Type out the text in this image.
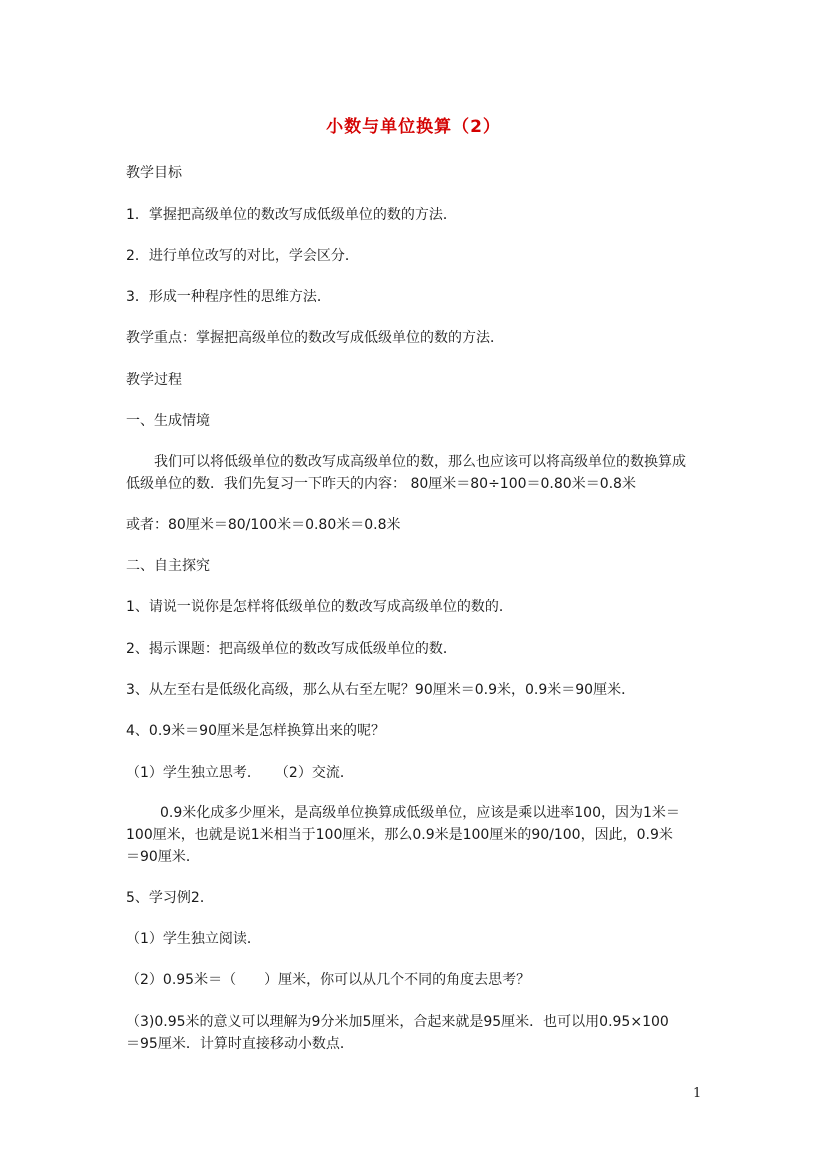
小数与单位换算（2）

教学目标

1．掌握把高级单位的数改写成低级单位的数的方法．

2．进行单位改写的对比，学会区分．

3．形成一种程序性的思维方法．

教学重点：掌握把高级单位的数改写成低级单位的数的方法．

教学过程

一、生成情境

我们可以将低级单位的数改写成高级单位的数，那么也应该可以将高级单位的数换算成

低级单位的数．我们先复习一下昨天的内容： 80厘米＝80÷100＝0.80米＝0.8米

或者：80厘米＝80/100米＝0.80米＝0.8米

二、自主探究

1、请说一说你是怎样将低级单位的数改写成高级单位的数的．

2、揭示课题：把高级单位的数改写成低级单位的数．

3、从左至右是低级化高级，那么从右至左呢？90厘米＝0.9米，0.9米＝90厘米．

4、0.9米＝90厘米是怎样换算出来的呢？

（1）学生独立思考．　　（2）交流．

0.9米化成多少厘米，是高级单位换算成低级单位，应该是乘以进率100，因为1米＝

100厘米，也就是说1米相当于100厘米，那么0.9米是100厘米的90/100，因此，0.9米

＝90厘米．

5、学习例2．

（1）学生独立阅读．

（2）0.95米＝（　　）厘米，你可以从几个不同的角度去思考？

（3)0.95米的意义可以理解为9分米加5厘米，合起来就是95厘米．也可以用0.95×100

＝95厘米．计算时直接移动小数点．

1
